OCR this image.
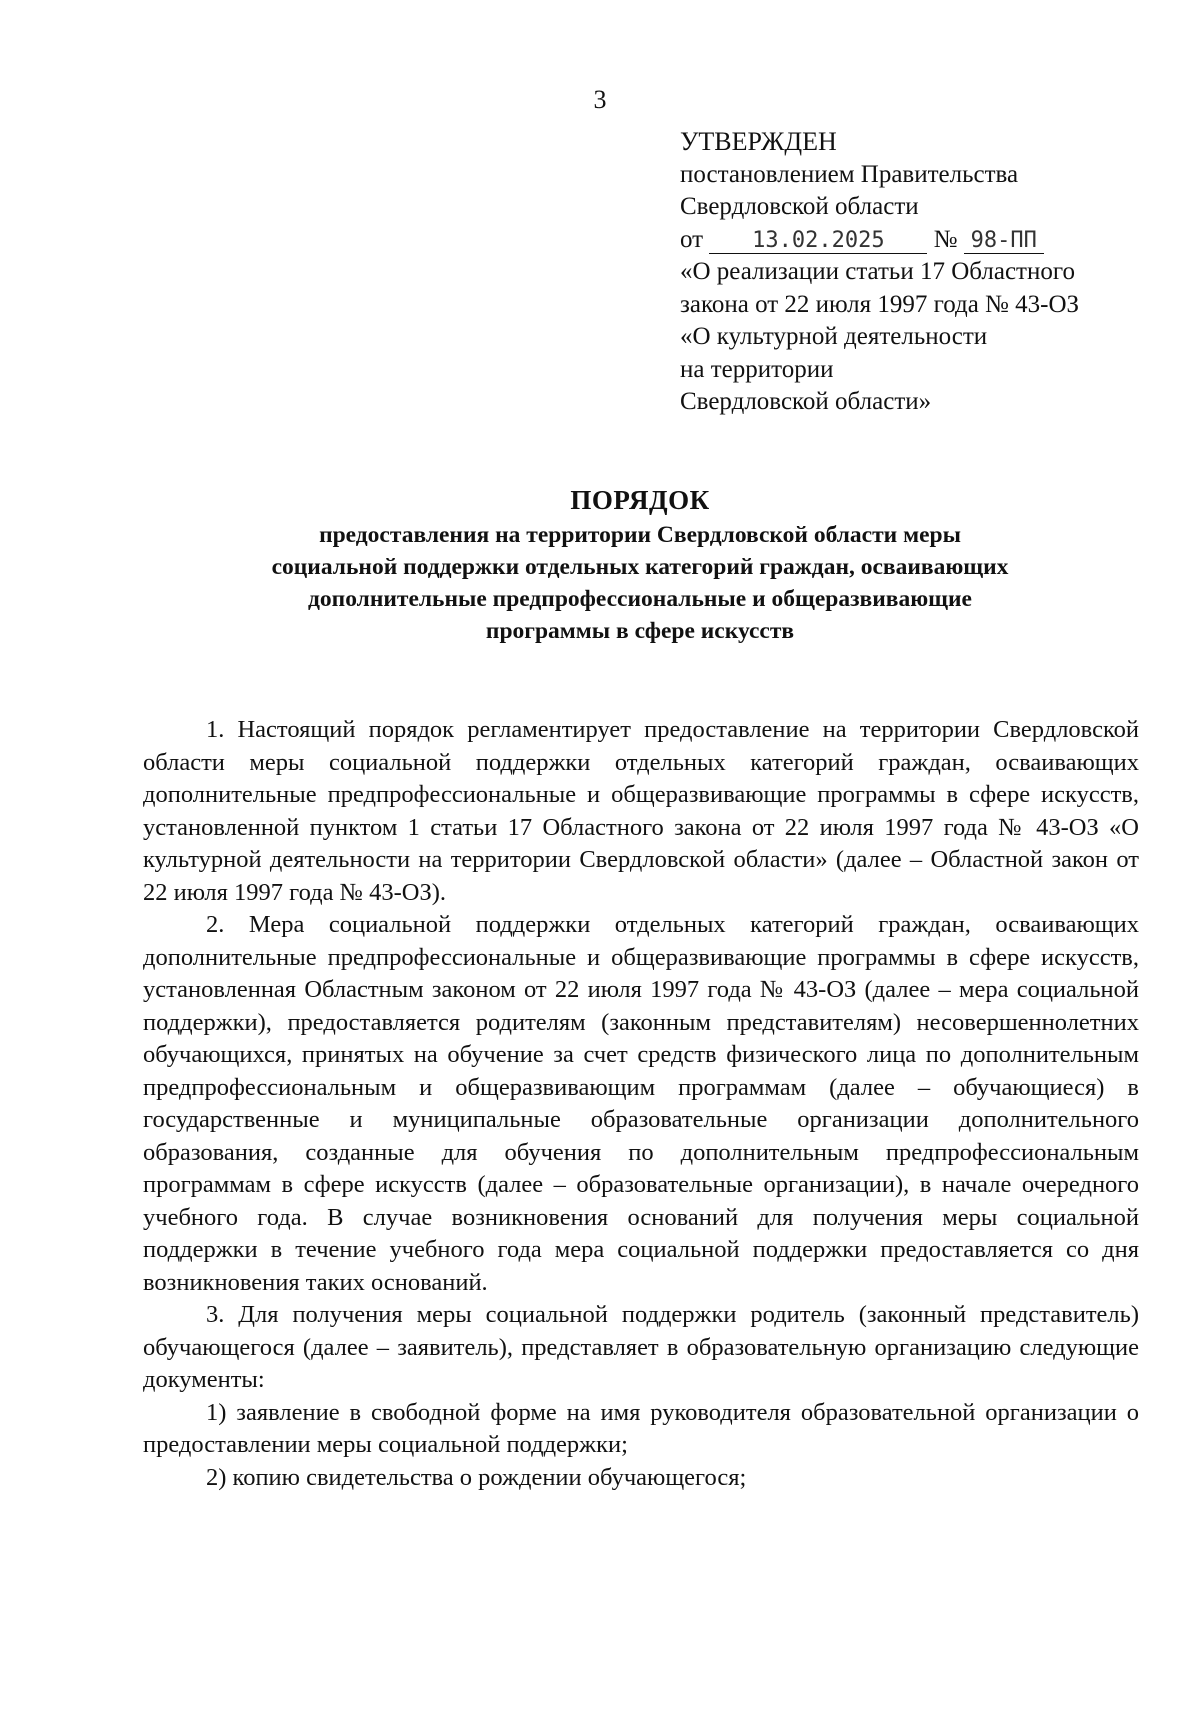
3
УТВЕРЖДЕН
постановлением Правительства
Свердловской области
от 13.02.2025 № 98-ПП
«О реализации статьи 17 Областного
закона от 22 июля 1997 года № 43-ОЗ
«О культурной деятельности
на территории
Свердловской области»
ПОРЯДОК
предоставления на территории Свердловской области меры
социальной поддержки отдельных категорий граждан, осваивающих
дополнительные предпрофессиональные и общеразвивающие
программы в сфере искусств

1. Настоящий порядок регламентирует предоставление на территории Свердловской области меры социальной поддержки отдельных категорий граждан, осваивающих дополнительные предпрофессиональные и общеразвивающие программы в сфере искусств, установленной пунктом 1 статьи 17 Областного закона от 22 июля 1997 года № 43-ОЗ «О культурной деятельности на территории Свердловской области» (далее – Областной закон от 22 июля 1997 года № 43-ОЗ).

2. Мера социальной поддержки отдельных категорий граждан, осваивающих дополнительные предпрофессиональные и общеразвивающие программы в сфере искусств, установленная Областным законом от 22 июля 1997 года № 43-ОЗ (далее – мера социальной поддержки), предоставляется родителям (законным представителям) несовершеннолетних обучающихся, принятых на обучение за счет средств физического лица по дополнительным предпрофессиональным и общеразвивающим программам (далее – обучающиеся) в государственные и муниципальные образовательные организации дополнительного образования, созданные для обучения по дополнительным предпрофессиональным программам в сфере искусств (далее – образовательные организации), в начале очередного учебного года. В случае возникновения оснований для получения меры социальной поддержки в течение учебного года мера социальной поддержки предоставляется со дня возникновения таких оснований.

3. Для получения меры социальной поддержки родитель (законный представитель) обучающегося (далее – заявитель), представляет в образовательную организацию следующие документы:

1) заявление в свободной форме на имя руководителя образовательной организации о предоставлении меры социальной поддержки;

2) копию свидетельства о рождении обучающегося;
